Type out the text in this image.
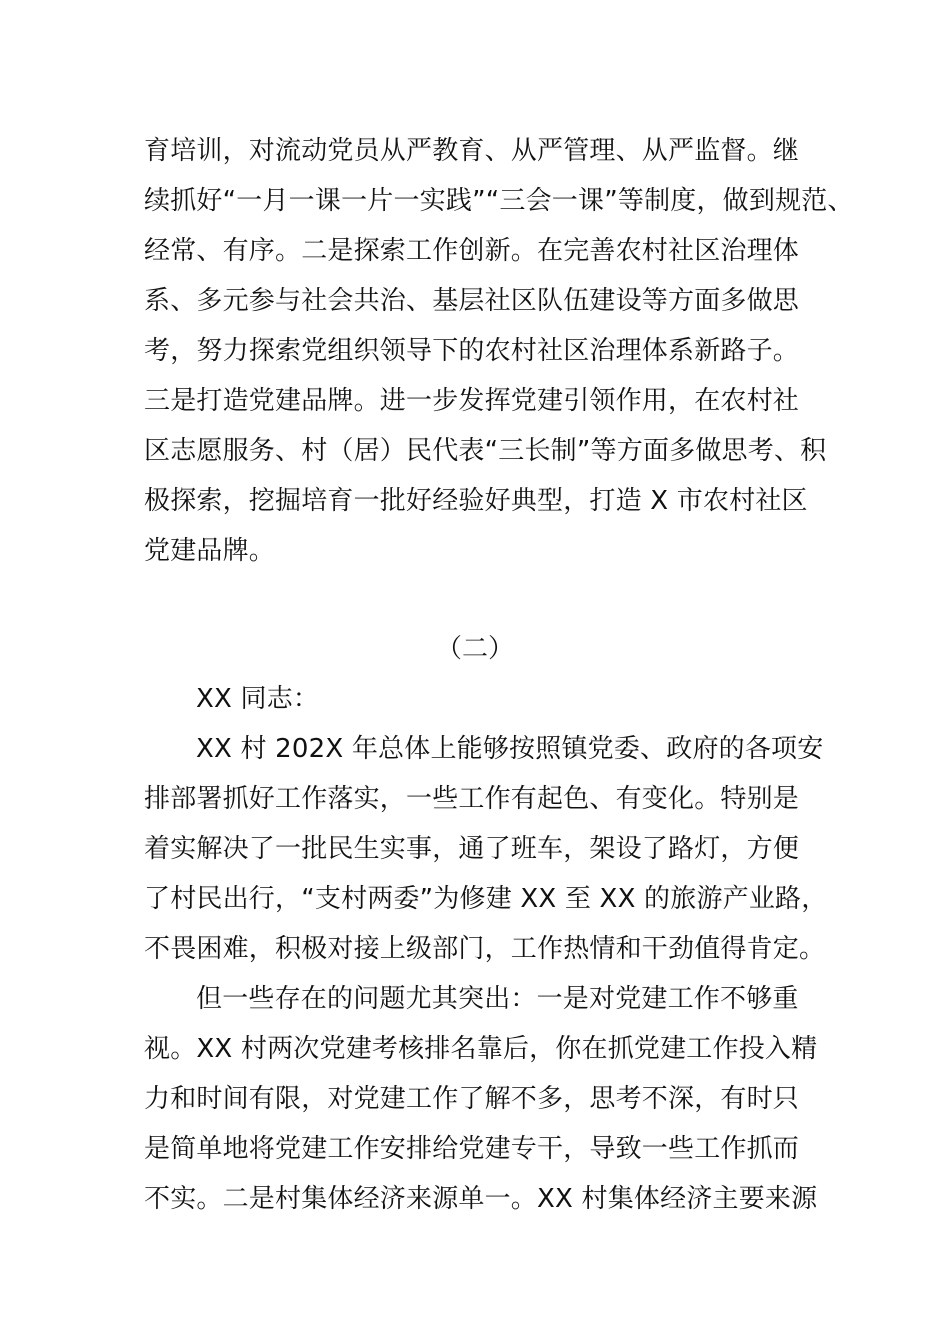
育培训，对流动党员从严教育、从严管理、从严监督。继
续抓好“一月一课一片一实践”“三会一课”等制度，做到规范、
经常、有序。二是探索工作创新。在完善农村社区治理体
系、多元参与社会共治、基层社区队伍建设等方面多做思
考，努力探索党组织领导下的农村社区治理体系新路子。
三是打造党建品牌。进一步发挥党建引领作用，在农村社
区志愿服务、村（居）民代表“三长制”等方面多做思考、积
极探索，挖掘培育一批好经验好典型，打造 X 市农村社区
党建品牌。
（二）
XX 同志：
XX 村 202X 年总体上能够按照镇党委、政府的各项安
排部署抓好工作落实，一些工作有起色、有变化。特别是
着实解决了一批民生实事，通了班车，架设了路灯，方便
了村民出行，“支村两委”为修建 XX 至 XX 的旅游产业路，
不畏困难，积极对接上级部门，工作热情和干劲值得肯定。
但一些存在的问题尤其突出：一是对党建工作不够重
视。XX 村两次党建考核排名靠后，你在抓党建工作投入精
力和时间有限，对党建工作了解不多，思考不深，有时只
是简单地将党建工作安排给党建专干，导致一些工作抓而
不实。二是村集体经济来源单一。XX 村集体经济主要来源
